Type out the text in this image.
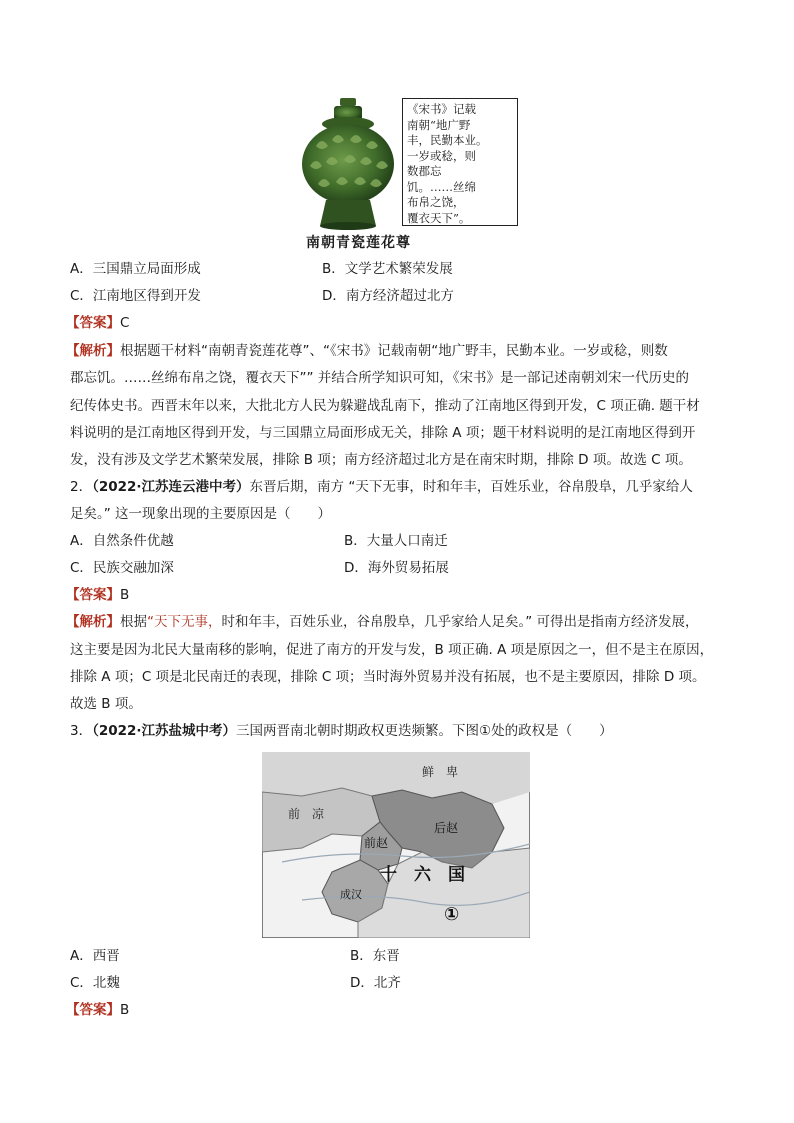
《宋书》记载
南朝“地广野
丰，民勤本业。
一岁或稔，则
数郡忘
饥。……丝绵
布帛之饶，
覆衣天下”。
南朝青瓷莲花尊
A．三国鼎立局面形成	B．文学艺术繁荣发展
C．江南地区得到开发	D．南方经济超过北方
【答案】C
【解析】根据题干材料“南朝青瓷莲花尊”、“《宋书》记载南朝“地广野丰，民勤本业。一岁或稔，则数
郡忘饥。……丝绵布帛之饶，覆衣天下”” 并结合所学知识可知，《宋书》是一部记述南朝刘宋一代历史的
纪传体史书。西晋末年以来，大批北方人民为躲避战乱南下，推动了江南地区得到开发，C 项正确. 题干材
料说明的是江南地区得到开发，与三国鼎立局面形成无关，排除 A 项；题干材料说明的是江南地区得到开
发，没有涉及文学艺术繁荣发展，排除 B 项；南方经济超过北方是在南宋时期，排除 D 项。故选 C 项。
2．（2022·江苏连云港中考）东晋后期，南方 “天下无事，时和年丰，百姓乐业，谷帛殷阜，几乎家给人
足矣。” 这一现象出现的主要原因是（　　）
A．自然条件优越	B．大量人口南迁
C．民族交融加深	D．海外贸易拓展
【答案】B
【解析】根据“天下无事，时和年丰，百姓乐业，谷帛殷阜，几乎家给人足矣。” 可得出是指南方经济发展，
这主要是因为北民大量南移的影响，促进了南方的开发与发，B 项正确. A 项是原因之一，但不是主在原因，
排除 A 项；C 项是北民南迁的表现，排除 C 项；当时海外贸易并没有拓展，也不是主要原因，排除 D 项。
故选 B 项。
3．（2022·江苏盐城中考）三国两晋南北朝时期政权更迭频繁。下图①处的政权是（　　）
鲜　卑
前　凉
前赵
后赵
成汉
十　六　国
①
A．西晋	B．东晋
C．北魏	D．北齐
【答案】B
